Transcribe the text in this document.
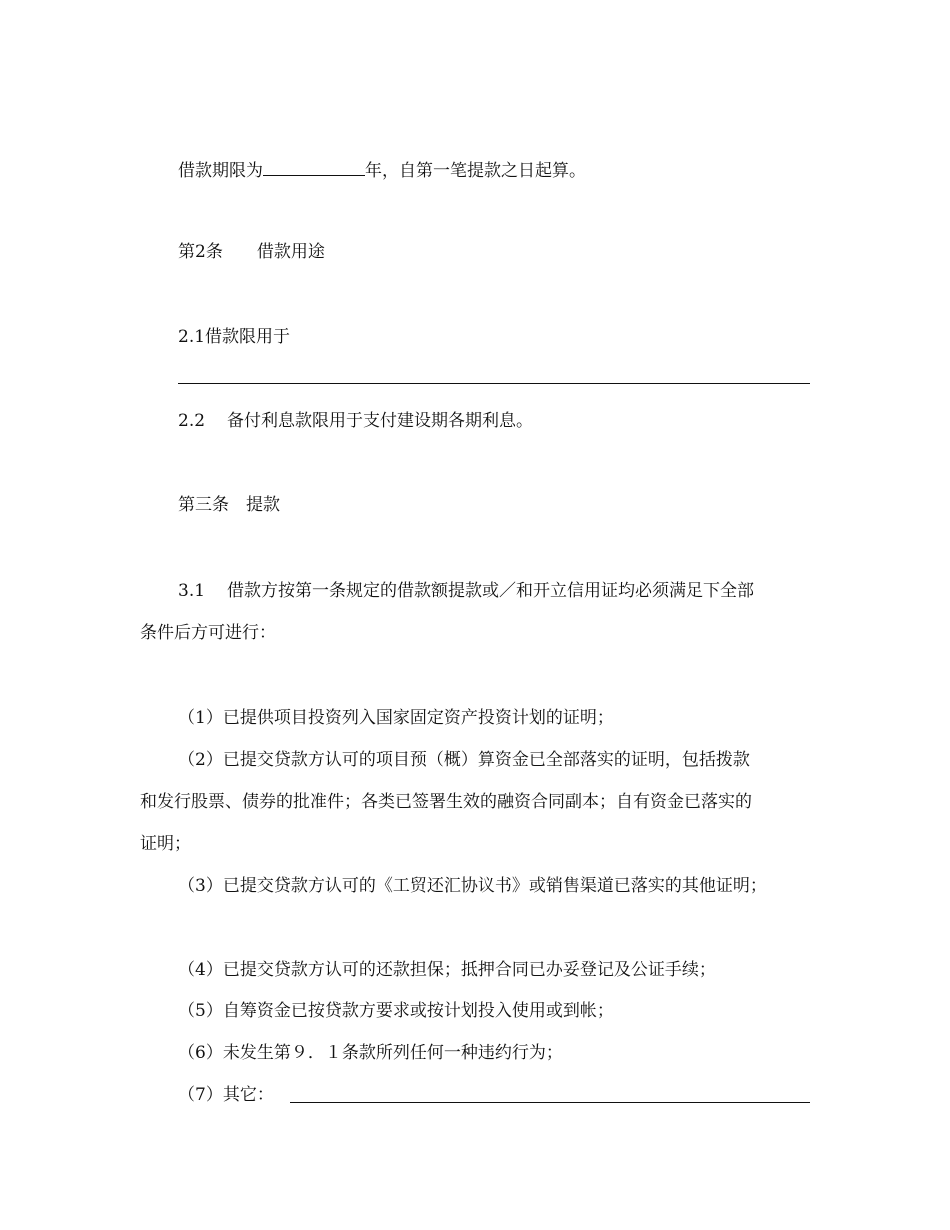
借款期限为	年，自第一笔提款之日起算。
第2条 借款用途
2.1借款限用于
2.2 备付利息款限用于支付建设期各期利息。
第三条 提款
3.1 借款方按第一条规定的借款额提款或／和开立信用证均必须满足下全部
条件后方可进行：
（1）已提供项目投资列入国家固定资产投资计划的证明；
（2）已提交贷款方认可的项目预（概）算资金已全部落实的证明，包括拨款
和发行股票、债券的批准件；各类已签署生效的融资合同副本；自有资金已落实的
证明；
（3）已提交贷款方认可的《工贸还汇协议书》或销售渠道已落实的其他证明；
（4）已提交贷款方认可的还款担保；抵押合同已办妥登记及公证手续；
（5）自筹资金已按贷款方要求或按计划投入使用或到帐；
（6）未发生第９．１条款所列任何一种违约行为；
（7）其它：
